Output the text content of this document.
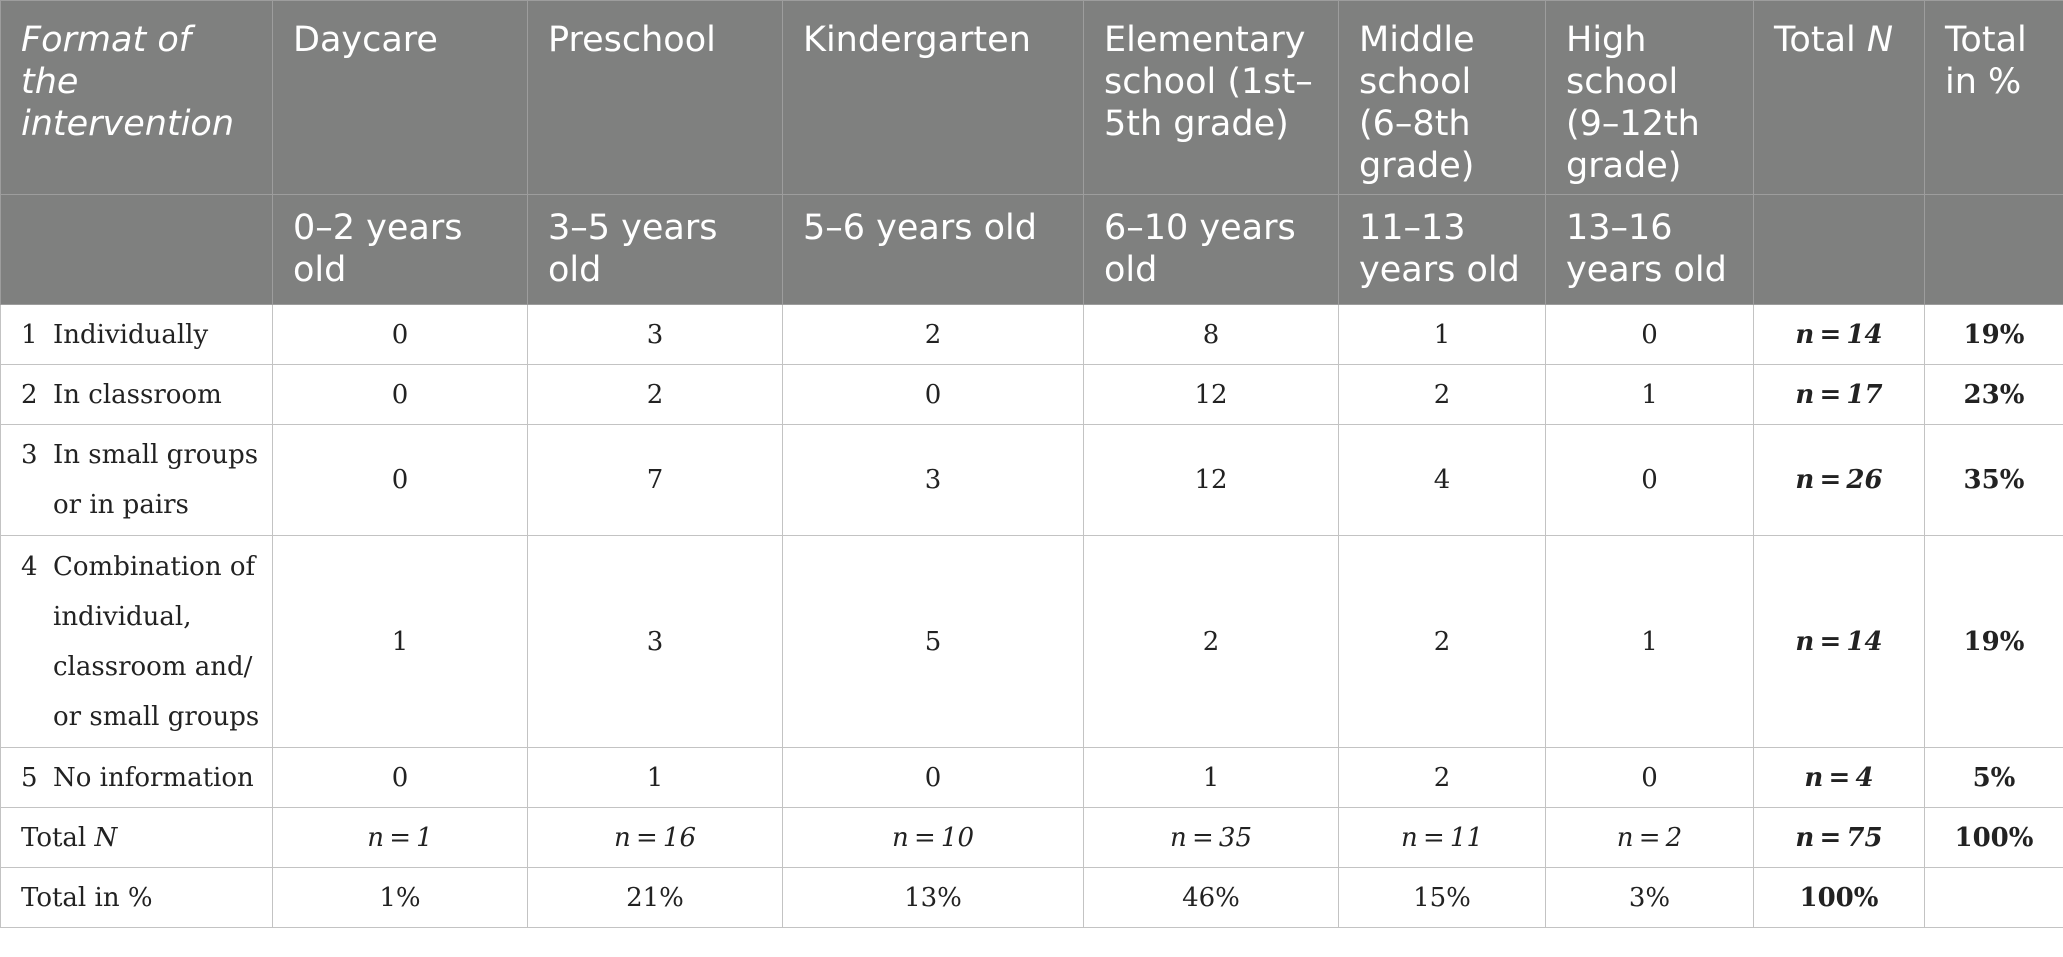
Format of the intervention	Daycare	Preschool	Kindergarten	Elementary school (1st–5th grade)	Middle school (6–8th grade)	High school (9–12th grade)	Total N	Total in %
	0–2 years old	3–5 years old	5–6 years old	6–10 years old	11–13 years old	13–16 years old		

1 Individually	0	3	2	8	1	0	n = 14	19%

2 In classroom	0	2	0	12	2	1	n = 17	23%

3 In small groups or in pairs	0	7	3	12	4	0	n = 26	35%

4 Combination of individual, classroom and/ or small groups	1	3	5	2	2	1	n = 14	19%

5 No information	0	1	0	1	2	0	n = 4	5%
Total N	n = 1	n = 16	n = 10	n = 35	n = 11	n = 2	n = 75	100%
Total in %	1%	21%	13%	46%	15%	3%	100%	
